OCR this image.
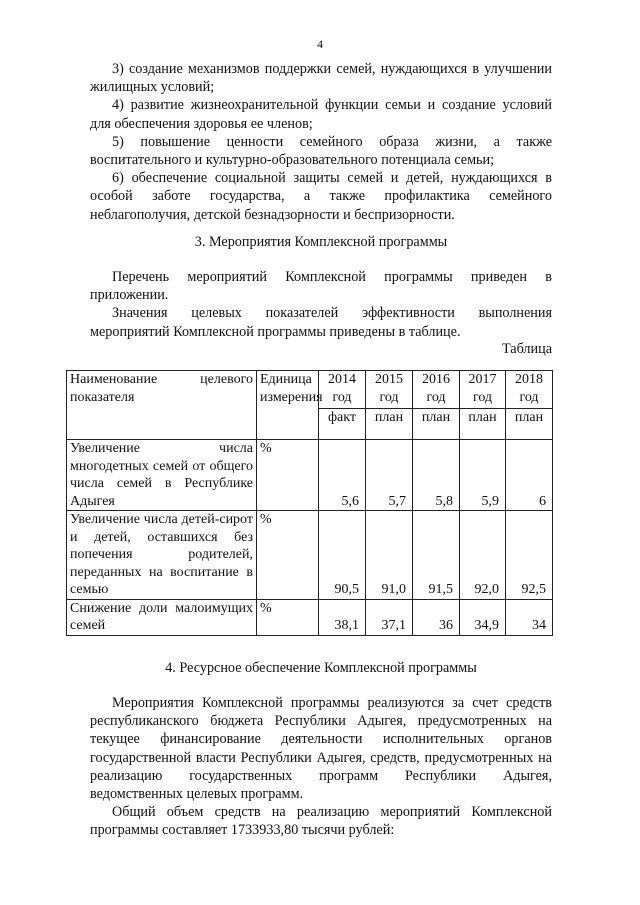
4

3) создание механизмов поддержки семей, нуждающихся в улучшении жилищных условий;

4) развитие жизнеохранительной функции семьи и создание условий для обеспечения здоровья ее членов;

5) повышение ценности семейного образа жизни, а также воспитательного и культурно-образовательного потенциала семьи;

6) обеспечение социальной защиты семей и детей, нуждающихся в особой заботе государства, а также профилактика семейного неблагополучия, детской безнадзорности и беспризорности.

3. Мероприятия Комплексной программы

Перечень мероприятий Комплексной программы приведен в приложении.

Значения целевых показателей эффективности выполнения мероприятий Комплексной программы приведены в таблице.

Таблица
Наименование целевого показателя	Единица измерения	2014 год	2015 год	2016 год	2017 год	2018 год
		факт	план	план	план	план
Увеличение числа многодетных семей от общего числа семей в Республике Адыгея	%	5,6	5,7	5,8	5,9	6
Увеличение числа детей-сирот и детей, оставшихся без попечения родителей, переданных на воспитание в семью	%	90,5	91,0	91,5	92,0	92,5
Снижение доли малоимущих семей	%	38,1	37,1	36	34,9	34
4. Ресурсное обеспечение Комплексной программы

Мероприятия Комплексной программы реализуются за счет средств республиканского бюджета Республики Адыгея, предусмотренных на текущее финансирование деятельности исполнительных органов государственной власти Республики Адыгея, средств, предусмотренных на реализацию государственных программ Республики Адыгея, ведомственных целевых программ.

Общий объем средств на реализацию мероприятий Комплексной программы составляет 1733933,80 тысячи рублей:
